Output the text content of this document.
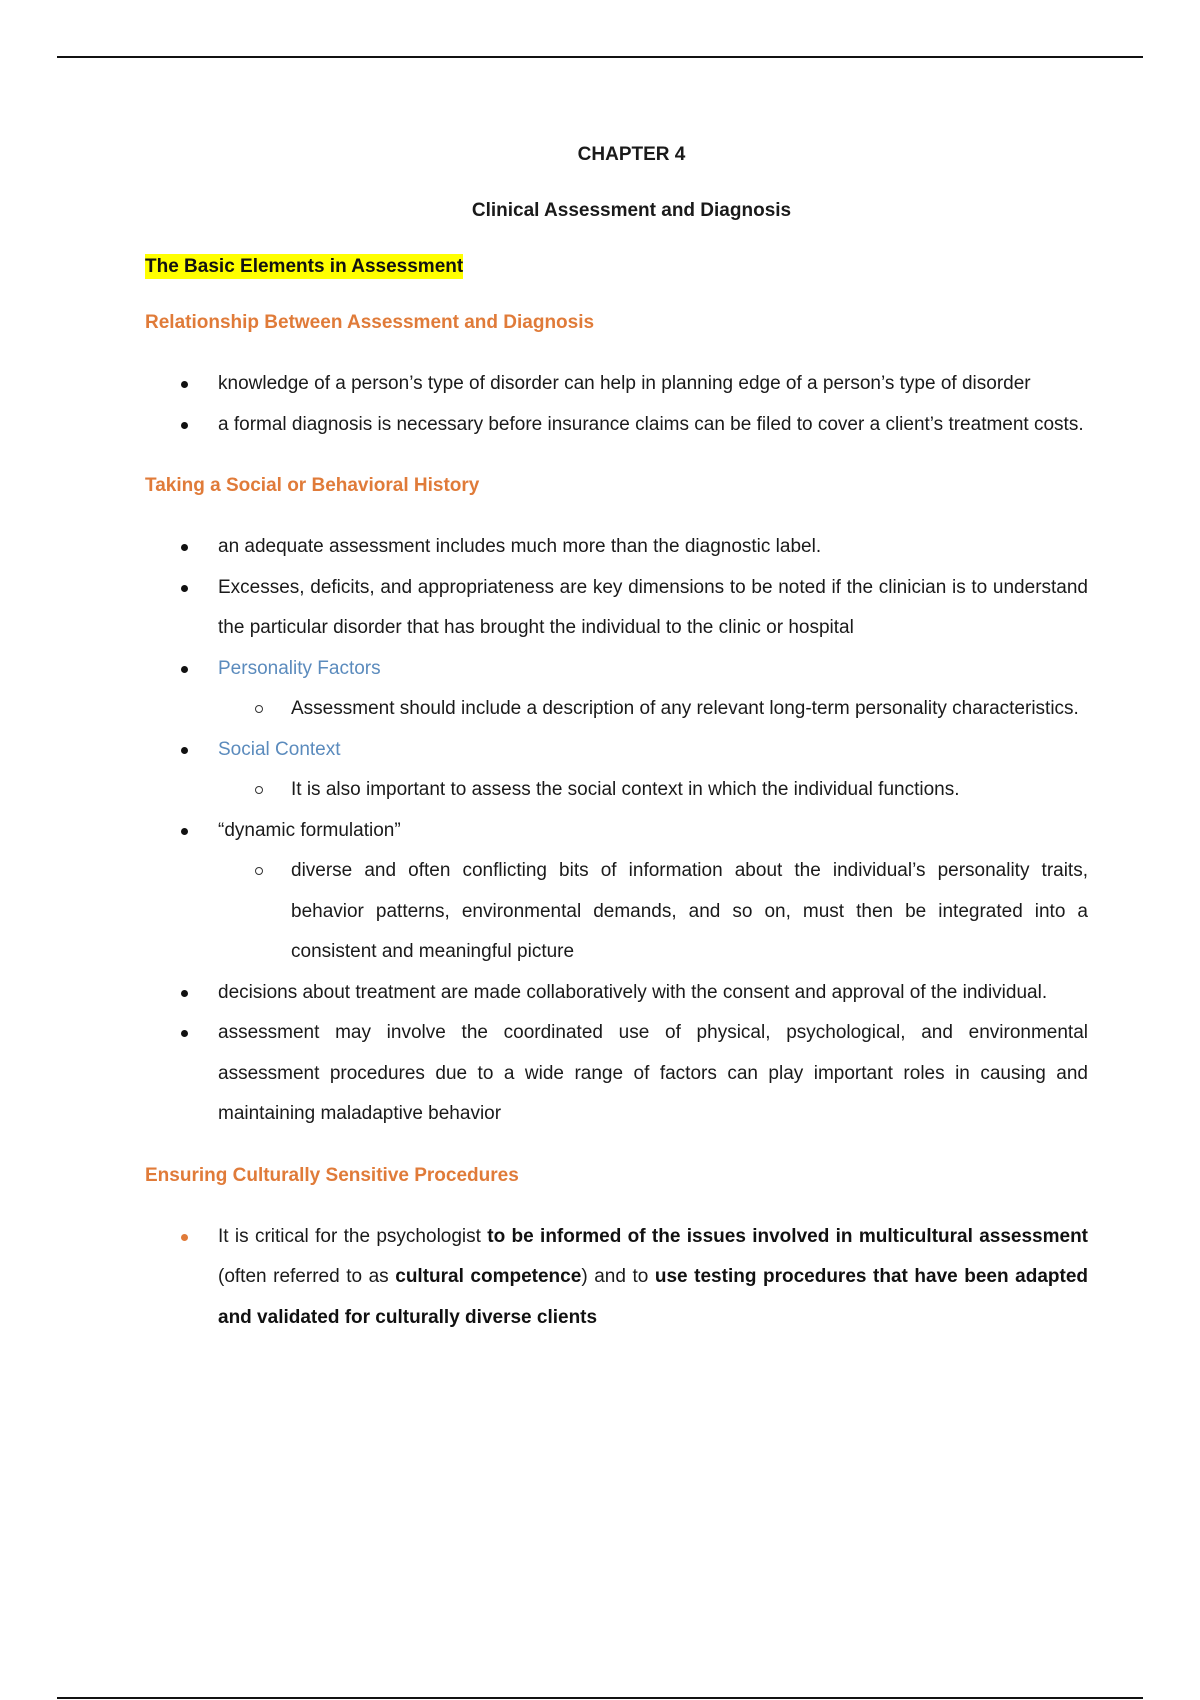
CHAPTER 4

Clinical Assessment and Diagnosis

The Basic Elements in Assessment

Relationship Between Assessment and Diagnosis

knowledge of a person’s type of disorder can help in planning edge of a person’s type of disorder
a formal diagnosis is necessary before insurance claims can be filed to cover a client’s treatment costs.

Taking a Social or Behavioral History

an adequate assessment includes much more than the diagnostic label.
Excesses, deficits, and appropriateness are key dimensions to be noted if the clinician is to understand the particular disorder that has brought the individual to the clinic or hospital
Personality Factors
Assessment should include a description of any relevant long-term personality characteristics.
Social Context
It is also important to assess the social context in which the individual functions.
“dynamic formulation”
diverse and often conflicting bits of information about the individual’s personality traits, behavior patterns, environmental demands, and so on, must then be integrated into a consistent and meaningful picture
decisions about treatment are made collaboratively with the consent and approval of the individual.
assessment may involve the coordinated use of physical, psychological, and environmental assessment procedures due to a wide range of factors can play important roles in causing and maintaining maladaptive behavior

Ensuring Culturally Sensitive Procedures

It is critical for the psychologist to be informed of the issues involved in multicultural assessment (often referred to as cultural competence) and to use testing procedures that have been adapted and validated for culturally diverse clients
